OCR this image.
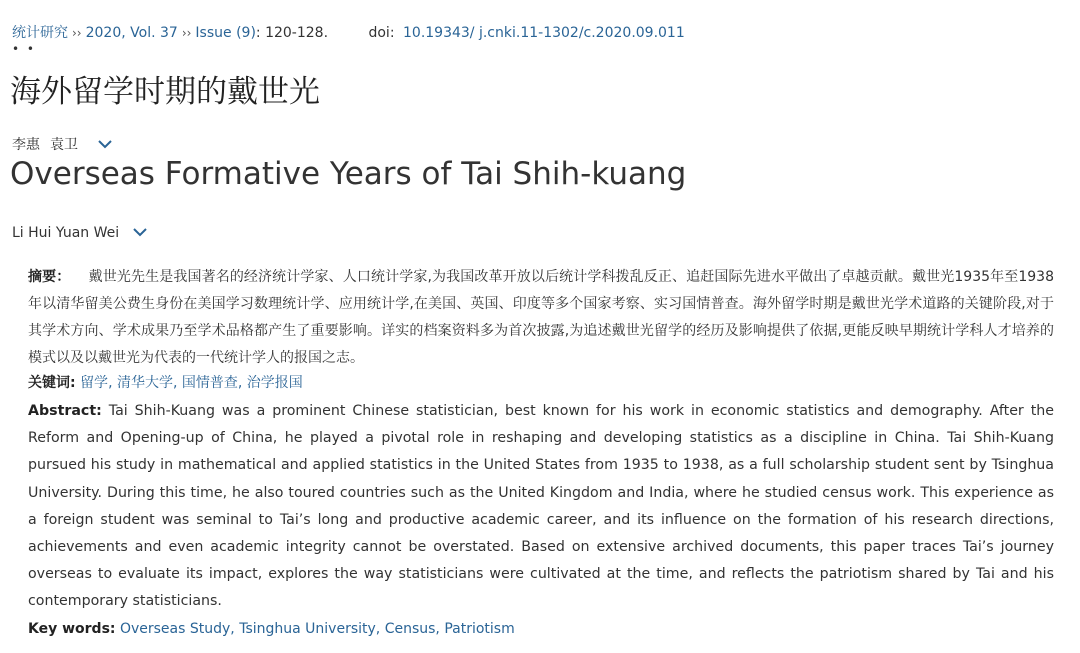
统计研究 ›› 2020, Vol. 37 ›› Issue (9): 120-128.	doi: 10.19343/ j.cnki.11-1302/c.2020.09.011
• •
海外留学时期的戴世光
李惠 袁卫
Overseas Formative Years of Tai Shih-kuang
Li Hui Yuan Wei

摘要： 戴世光先生是我国著名的经济统计学家、人口统计学家,为我国改革开放以后统计学科拨乱反正、追赶国际先进水平做出了卓越贡献。戴世光1935年至1938年以清华留美公费生身份在美国学习数理统计学、应用统计学,在美国、英国、印度等多个国家考察、实习国情普查。海外留学时期是戴世光学术道路的关键阶段,对于其学术方向、学术成果乃至学术品格都产生了重要影响。详实的档案资料多为首次披露,为追述戴世光留学的经历及影响提供了依据,更能反映早期统计学科人才培养的模式以及以戴世光为代表的一代统计学人的报国之志。

关键词: 留学, 清华大学, 国情普查, 治学报国

Abstract: Tai Shih-Kuang was a prominent Chinese statistician, best known for his work in economic statistics and demography. After the Reform and Opening-up of China, he played a pivotal role in reshaping and developing statistics as a discipline in China. Tai Shih-Kuang pursued his study in mathematical and applied statistics in the United States from 1935 to 1938, as a full scholarship student sent by Tsinghua University. During this time, he also toured countries such as the United Kingdom and India, where he studied census work. This experience as a foreign student was seminal to Tai’s long and productive academic career, and its influence on the formation of his research directions, achievements and even academic integrity cannot be overstated. Based on extensive archived documents, this paper traces Tai’s journey overseas to evaluate its impact, explores the way statisticians were cultivated at the time, and reflects the patriotism shared by Tai and his contemporary statisticians.

Key words: Overseas Study, Tsinghua University, Census, Patriotism
